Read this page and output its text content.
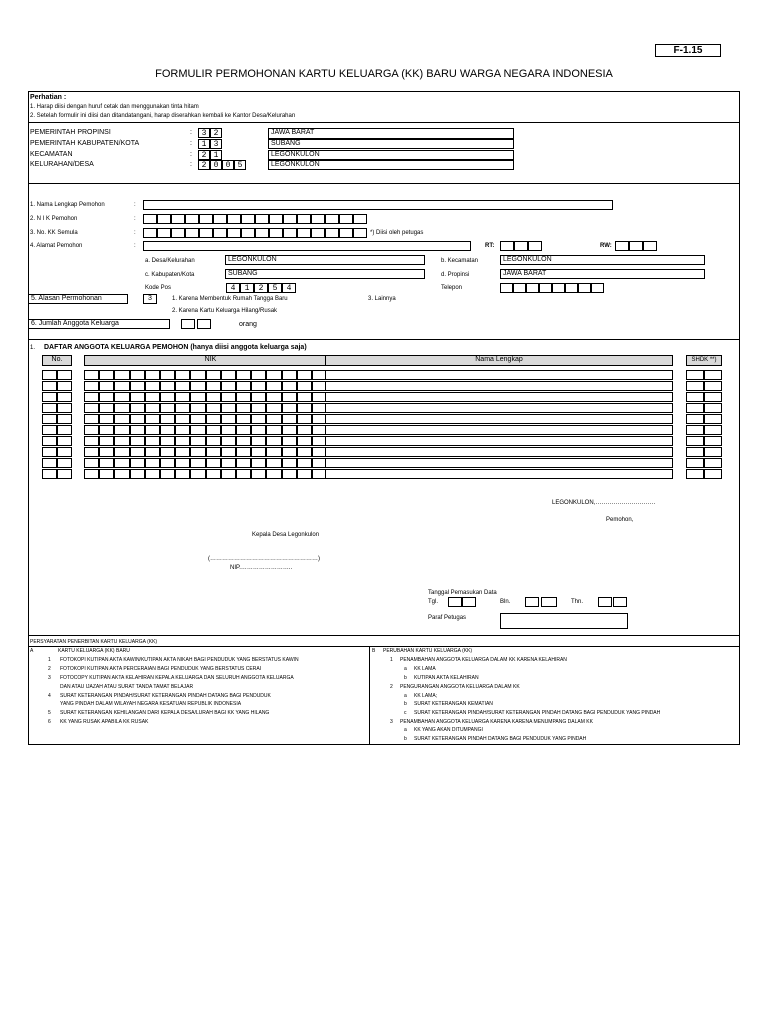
F-1.15
FORMULIR PERMOHONAN KARTU KELUARGA (KK) BARU WARGA NEGARA INDONESIA
Perhatian :
1. Harap diisi dengan huruf cetak dan menggunakan tinta hitam
2. Setelah formulir ini diisi dan ditandatangani, harap diserahkan kembali ke Kantor Desa/Kelurahan
PEMERINTAH PROPINSI	:	3 2	JAWA BARAT
PEMERINTAH KABUPATEN/KOTA	:	1 3	SUBANG
KECAMATAN	:	2 1	LEGONKULON
KELURAHAN/DESA	:	2 0 0 5	LEGONKULON
1. Nama Lengkap Pemohon	:
2. N I K Pemohon	:
3. No. KK Semula	:	*) Diisi oleh petugas
4. Alamat Pemohon	:	RT:	RW:
a. Desa/Kelurahan	LEGONKULON	b. Kecamatan	LEGONKULON
c. Kabupaten/Kota	SUBANG	d. Propinsi	JAWA BARAT
Kode Pos	4	1	2	5	4	Telepon
5. Alasan Permohonan	3	1. Karena Membentuk Rumah Tangga Baru	3. Lainnya
2. Karena Kartu Keluarga Hilang/Rusak
6. Jumlah Anggota Keluarga	orang
1. DAFTAR ANGGOTA KELUARGA PEMOHON (hanya diisi anggota keluarga saja)
No.	NIK	Nama Lengkap	SHDK **)
LEGONKULON,…………………………
Pemohon,
Kepala Desa Legonkulon
(………………………………………………)
NIP.……………………..
Tanggal Pemasukan Data
Tgl.	Bln.	Thn.
Paraf Petugas
PERSYARATAN PENERBITAN KARTU KELUARGA (KK)
A	KARTU KELUARGA (KK) BARU
1 FOTOKOPI KUTIPAN AKTA KAWIN/KUTIPAN AKTA NIKAH BAGI PENDUDUK YANG BERSTATUS KAWIN
2 FOTOKOPI KUTIPAN AKTA PERCERAIAN BAGI PENDUDUK YANG BERSTATUS CERAI
3 FOTOCOPY KUTIPAN AKTA KELAHIRAN KEPALA KELUARGA DAN SELURUH ANGGOTA KELUARGA
DAN ATAU IJAZAH ATAU SURAT TANDA TAMAT BELAJAR
4 SURAT KETERANGAN PINDAH/SURAT KETERANGAN PINDAH DATANG BAGI PENDUDUK
YANG PINDAH DALAM WILAYAH NEGARA KESATUAN REPUBLIK INDONESIA
5 SURAT KETERANGAN KEHILANGAN DARI KEPALA DESA/LURAH BAGI KK YANG HILANG
6 KK YANG RUSAK APABILA KK RUSAK
B PERUBAHAN KARTU KELUARGA (KK)
1 PENAMBAHAN ANGGOTA KELUARGA DALAM KK KARENA KELAHIRAN
a KK LAMA
b KUTIPAN AKTA KELAHIRAN
2 PENGURANGAN ANGGOTA KELUARGA DALAM KK
a KK LAMA;
b SURAT KETERANGAN KEMATIAN
c SURAT KETERANGAN PINDAH/SURAT KETERANGAN PINDAH DATANG BAGI PENDUDUK YANG PINDAH
3 PENAMBAHAN ANGGOTA KELUARGA KARENA KARENA MENUMPANG DALAM KK
a KK YANG AKAN DITUMPANGI
b SURAT KETERANGAN PINDAH DATANG BAGI PENDUDUK YANG PINDAH
